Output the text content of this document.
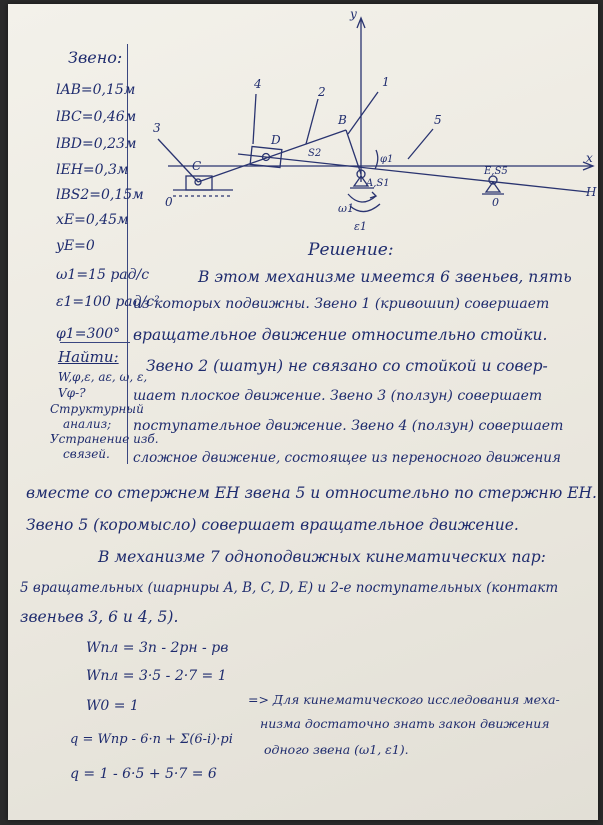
Звено:
lAB=0,15м
lBC=0,46м
lBD=0,23м
lEH=0,3м
lBS2=0,15м
xE=0,45м
yE=0
ω1=15 рад/с
ε1=100 рад/с²
φ1=300°
Найти:
W,φ,ε, aε, ω, ε,
Vφ-?
Структурный
анализ;
Устранение изб.
связей.
1
2
3
4
5
y
x
B
C
D
A,S1
E,S5
H
S2
0	0
ω1
ε1
φ1
Решение:
В этом механизме имеется 6 звеньев, пять
из которых подвижны. Звено 1 (кривошип) совершает
вращательное движение относительно стойки.
Звено 2 (шатун) не связано со стойкой и совер-
шает плоское движение. Звено 3 (ползун) совершает
поступательное движение. Звено 4 (ползун) совершает
сложное движение, состоящее из переносного движения
вместе со стержнем EH звена 5 и относительно по стержню EH.
Звено 5 (коромысло) совершает вращательное движение.
В механизме 7 одноподвижных кинематических пар:
5 вращательных (шарниры A, B, C, D, E) и 2-е поступательных (контакт
звеньев 3, 6 и 4, 5).
Wпл = 3n - 2pн - pв
Wпл = 3·5 - 2·7 = 1
W0 = 1
q = Wпр - 6·n + Σ(6-i)·pi
q = 1 - 6·5 + 5·7 = 6
=> Для кинематического исследования меха-
низма достаточно знать закон движения
одного звена (ω1, ε1).
